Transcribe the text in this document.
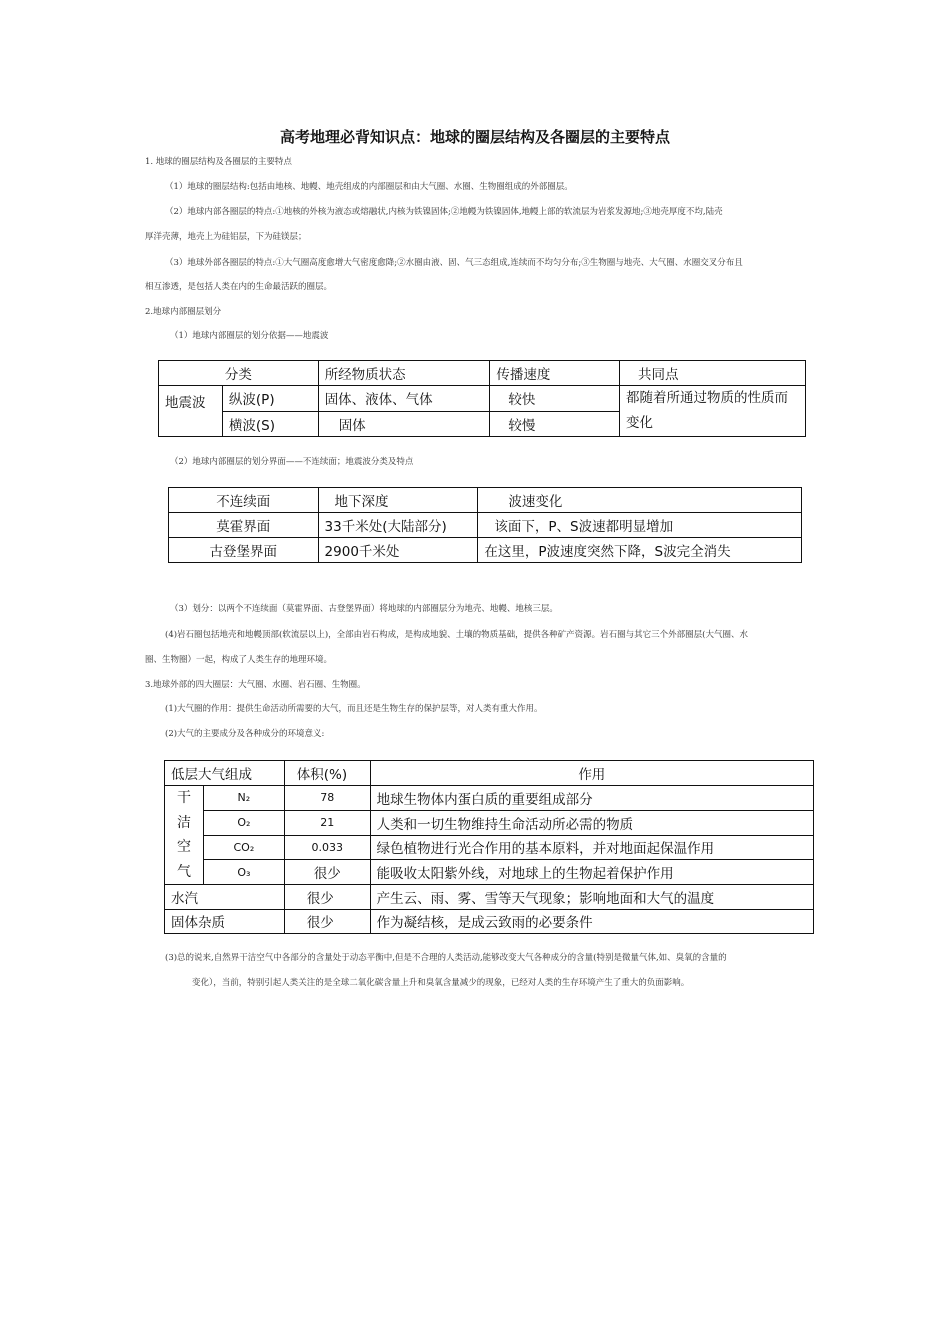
高考地理必背知识点：地球的圈层结构及各圈层的主要特点
1. 地球的圈层结构及各圈层的主要特点
（1）地球的圈层结构:包括由地核、地幔、地壳组成的内部圈层和由大气圈、水圈、生物圈组成的外部圈层。
（2）地球内部各圈层的特点:①地核的外核为液态或熔融状,内核为铁镍固体;②地幔为铁镍固体,地幔上部的软流层为岩浆发源地;③地壳厚度不均,陆壳
厚洋壳薄，地壳上为硅铝层，下为硅镁层；
（3）地球外部各圈层的特点:①大气圈高度愈增大气密度愈降;②水圈由液、固、气三态组成,连续而不均匀分布;③生物圈与地壳、大气圈、水圈交叉分布且
相互渗透，是包括人类在内的生命最活跃的圈层。
2.地球内部圈层划分
（1）地球内部圈层的划分依据——地震波
分类		所经物质状态	传播速度	共同点
地震波	纵波(P)	固体、液体、气体	较快	都随着所通过物质的性质而
变化
	横波(S)	固体	较慢	
（2）地球内部圈层的划分界面——不连续面；地震波分类及特点
不连续面	地下深度	波速变化
莫霍界面	33千米处(大陆部分)	该面下，P、S波速都明显增加
古登堡界面	2900千米处	在这里，P波速度突然下降，S波完全消失
（3）划分：以两个不连续面（莫霍界面、古登堡界面）将地球的内部圈层分为地壳、地幔、地核三层。
(4)岩石圈包括地壳和地幔顶部(软流层以上)，全部由岩石构成，是构成地貌、土壤的物质基础，提供各种矿产资源。岩石圈与其它三个外部圈层(大气圈、水
圈、生物圈）一起，构成了人类生存的地理环境。
3.地球外部的四大圈层：大气圈、水圈、岩石圈、生物圈。
(1)大气圈的作用：提供生命活动所需要的大气，而且还是生物生存的保护层等，对人类有重大作用。
(2)大气的主要成分及各种成分的环境意义:
低层大气组成		体积(%)	作用
干
洁
空
气	N₂	78	地球生物体内蛋白质的重要组成部分
	O₂	21	人类和一切生物维持生命活动所必需的物质
	CO₂	0.033	绿色植物进行光合作用的基本原料，并对地面起保温作用
	O₃	很少	能吸收太阳紫外线，对地球上的生物起着保护作用
水汽		很少	产生云、雨、雾、雪等天气现象；影响地面和大气的温度
固体杂质		很少	作为凝结核，是成云致雨的必要条件
(3)总的说来,自然界干洁空气中各部分的含量处于动态平衡中,但是不合理的人类活动,能够改变大气各种成分的含量(特别是微量气体,如、臭氧的含量的
变化），当前，特别引起人类关注的是全球二氧化碳含量上升和臭氧含量减少的现象，已经对人类的生存环境产生了重大的负面影响。
